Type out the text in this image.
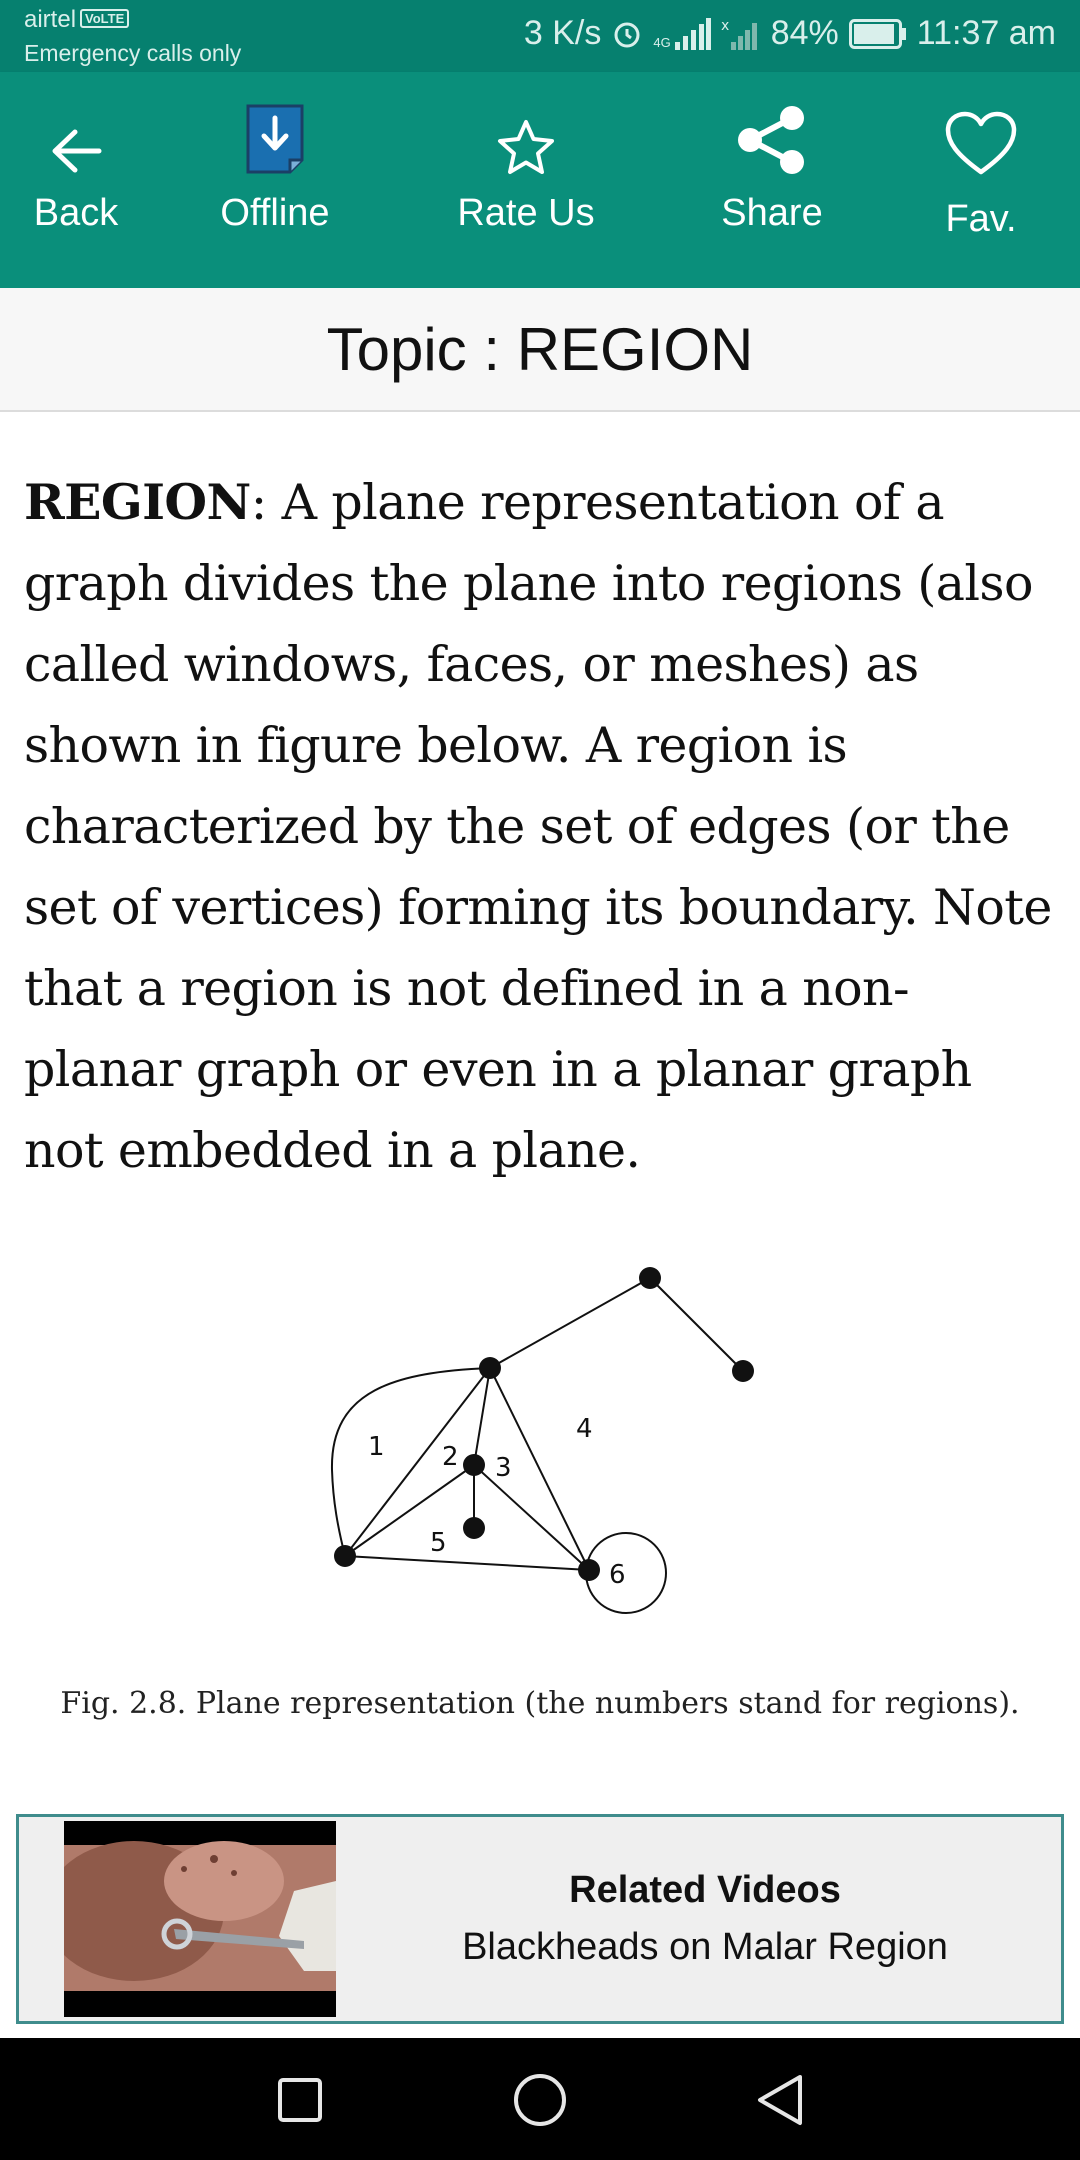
airtel VoLTE
Emergency calls only
3 K/s	4G
x 84% 11:37 am
Back	Offline	Rate Us	Share	Fav.
Topic : REGION
REGION: A plane representation of a graph divides the plane into regions (also called windows, faces, or meshes) as shown in figure below. A region is characterized by the set of edges (or the set of vertices) forming its boundary. Note that a region is not defined in a non-planar graph or even in a planar graph not embedded in a plane.
1 2 3
4
5
6
Fig. 2.8. Plane representation (the numbers stand for regions).
Related Videos
Blackheads on Malar Region
